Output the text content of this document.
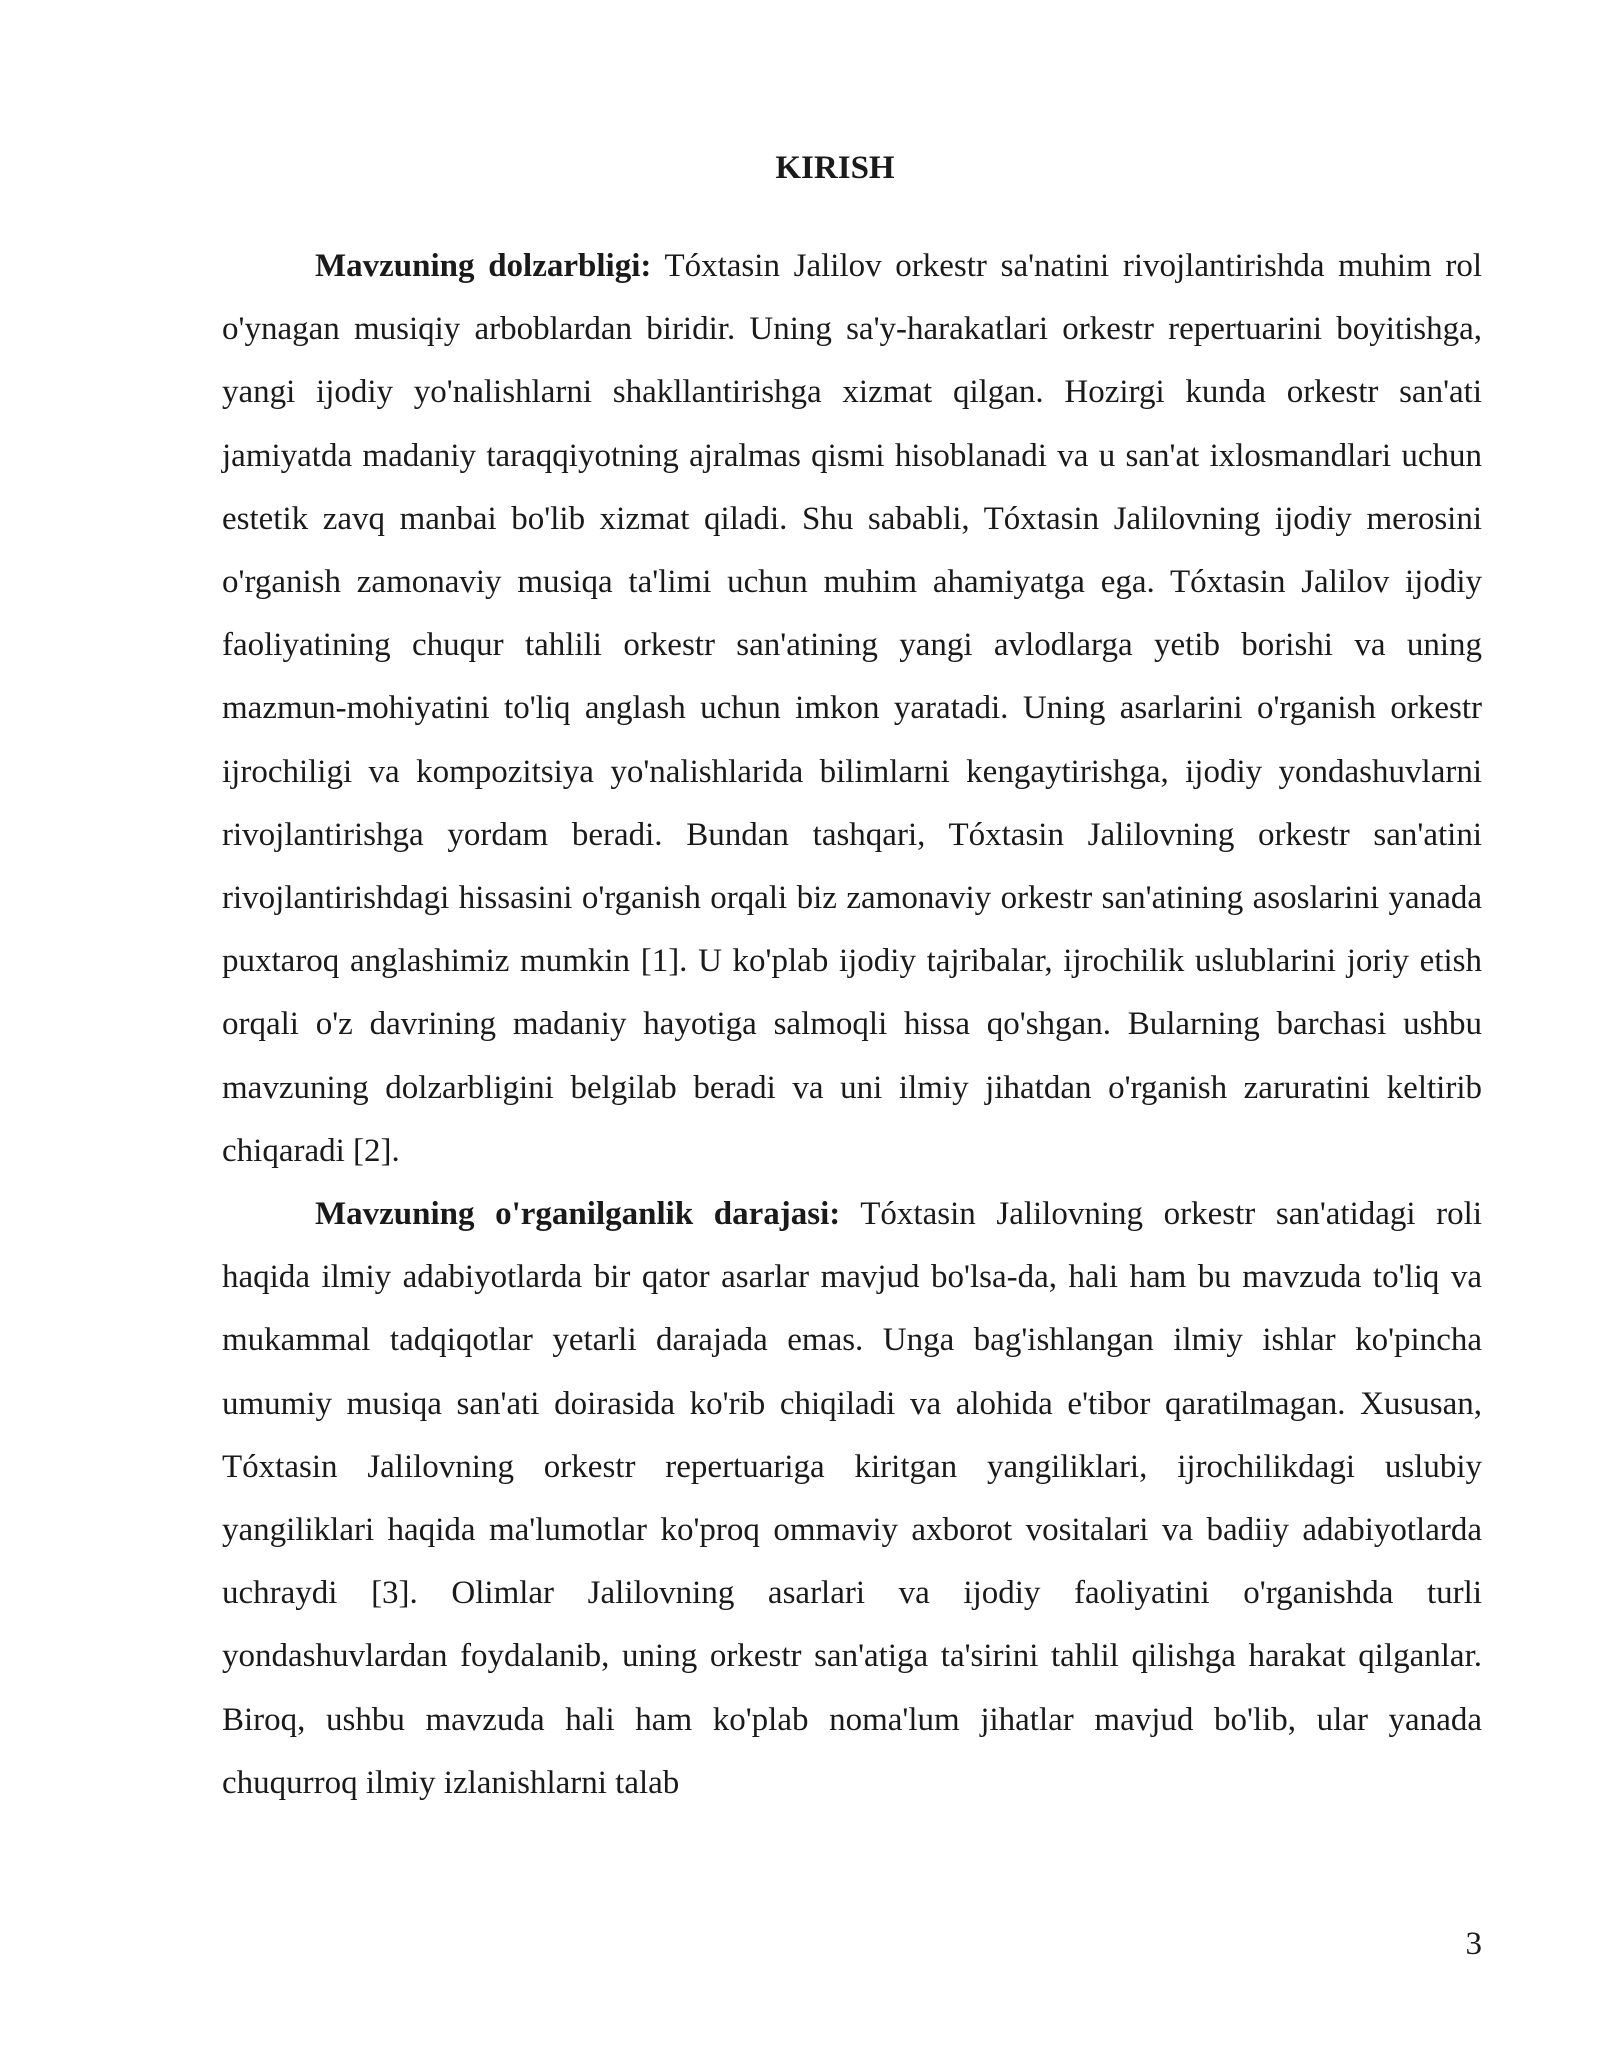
KIRISH

Mavzuning dolzarbligi: Tóxtasin Jalilov orkestr sa'natini rivojlantirishda muhim rol o'ynagan musiqiy arboblardan biridir. Uning sa'y-harakatlari orkestr repertuarini boyitishga, yangi ijodiy yo'nalishlarni shakllantirishga xizmat qilgan. Hozirgi kunda orkestr san'ati jamiyatda madaniy taraqqiyotning ajralmas qismi hisoblanadi va u san'at ixlosmandlari uchun estetik zavq manbai bo'lib xizmat qiladi. Shu sababli, Tóxtasin Jalilovning ijodiy merosini o'rganish zamonaviy musiqa ta'limi uchun muhim ahamiyatga ega. Tóxtasin Jalilov ijodiy faoliyatining chuqur tahlili orkestr san'atining yangi avlodlarga yetib borishi va uning mazmun-mohiyatini to'liq anglash uchun imkon yaratadi. Uning asarlarini o'rganish orkestr ijrochiligi va kompozitsiya yo'nalishlarida bilimlarni kengaytirishga, ijodiy yondashuvlarni rivojlantirishga yordam beradi. Bundan tashqari, Tóxtasin Jalilovning orkestr san'atini rivojlantirishdagi hissasini o'rganish orqali biz zamonaviy orkestr san'atining asoslarini yanada puxtaroq anglashimiz mumkin [1]. U ko'plab ijodiy tajribalar, ijrochilik uslublarini joriy etish orqali o'z davrining madaniy hayotiga salmoqli hissa qo'shgan. Bularning barchasi ushbu mavzuning dolzarbligini belgilab beradi va uni ilmiy jihatdan o'rganish zaruratini keltirib chiqaradi [2].

Mavzuning o'rganilganlik darajasi: Tóxtasin Jalilovning orkestr san'atidagi roli haqida ilmiy adabiyotlarda bir qator asarlar mavjud bo'lsa-da, hali ham bu mavzuda to'liq va mukammal tadqiqotlar yetarli darajada emas. Unga bag'ishlangan ilmiy ishlar ko'pincha umumiy musiqa san'ati doirasida ko'rib chiqiladi va alohida e'tibor qaratilmagan. Xususan, Tóxtasin Jalilovning orkestr repertuariga kiritgan yangiliklari, ijrochilikdagi uslubiy yangiliklari haqida ma'lumotlar ko'proq ommaviy axborot vositalari va badiiy adabiyotlarda uchraydi [3]. Olimlar Jalilovning asarlari va ijodiy faoliyatini o'rganishda turli yondashuvlardan foydalanib, uning orkestr san'atiga ta'sirini tahlil qilishga harakat qilganlar. Biroq, ushbu mavzuda hali ham ko'plab noma'lum jihatlar mavjud bo'lib, ular yanada chuqurroq ilmiy izlanishlarni talab

3
